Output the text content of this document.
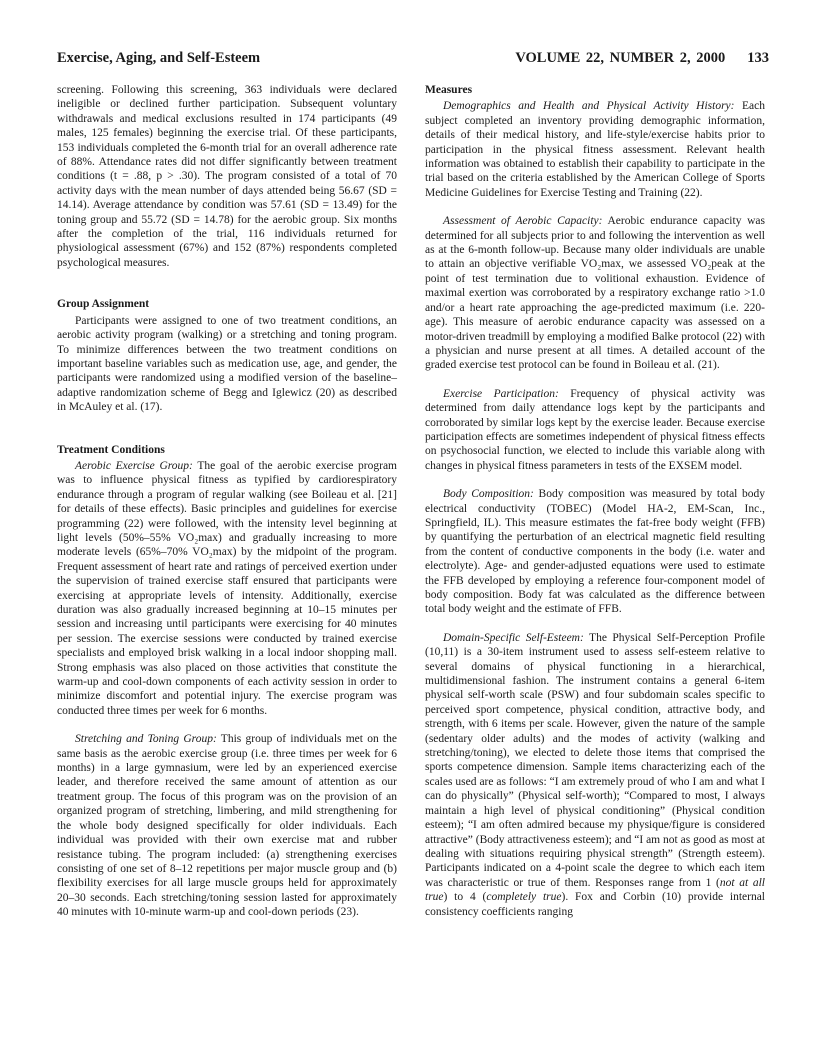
Exercise, Aging, and Self-Esteem	VOLUME 22, NUMBER 2, 2000 133

screening. Following this screening, 363 individuals were declared ineligible or declined further participation. Subsequent voluntary withdrawals and medical exclusions resulted in 174 participants (49 males, 125 females) beginning the exercise trial. Of these participants, 153 individuals completed the 6-month trial for an overall adherence rate of 88%. Attendance rates did not differ significantly between treatment conditions (t = .88, p > .30). The program consisted of a total of 70 activity days with the mean number of days attended being 56.67 (SD = 14.14). Average attendance by condition was 57.61 (SD = 13.49) for the toning group and 55.72 (SD = 14.78) for the aerobic group. Six months after the completion of the trial, 116 individuals returned for physiological assessment (67%) and 152 (87%) respondents completed psychological measures.

Group Assignment

Participants were assigned to one of two treatment conditions, an aerobic activity program (walking) or a stretching and toning program. To minimize differences between the two treatment conditions on important baseline variables such as medication use, age, and gender, the participants were randomized using a modified version of the baseline–adaptive randomization scheme of Begg and Iglewicz (20) as described in McAuley et al. (17).

Treatment Conditions

Aerobic Exercise Group: The goal of the aerobic exercise program was to influence physical fitness as typified by cardiorespiratory endurance through a program of regular walking (see Boileau et al. [21] for details of these effects). Basic principles and guidelines for exercise programming (22) were followed, with the intensity level beginning at light levels (50%–55% VO₂max) and gradually increasing to more moderate levels (65%–70% VO₂max) by the midpoint of the program. Frequent assessment of heart rate and ratings of perceived exertion under the supervision of trained exercise staff ensured that participants were exercising at appropriate levels of intensity. Additionally, exercise duration was also gradually increased beginning at 10–15 minutes per session and increasing until participants were exercising for 40 minutes per session. The exercise sessions were conducted by trained exercise specialists and employed brisk walking in a local indoor shopping mall. Strong emphasis was also placed on those activities that constitute the warm-up and cool-down components of each activity session in order to minimize discomfort and potential injury. The exercise program was conducted three times per week for 6 months.

Stretching and Toning Group: This group of individuals met on the same basis as the aerobic exercise group (i.e. three times per week for 6 months) in a large gymnasium, were led by an experienced exercise leader, and therefore received the same amount of attention as our treatment group. The focus of this program was on the provision of an organized program of stretching, limbering, and mild strengthening for the whole body designed specifically for older individuals. Each individual was provided with their own exercise mat and rubber resistance tubing. The program included: (a) strengthening exercises consisting of one set of 8–12 repetitions per major muscle group and (b) flexibility exercises for all large muscle groups held for approximately 20–30 seconds. Each stretching/toning session lasted for approximately 40 minutes with 10-minute warm-up and cool-down periods (23).

Measures

Demographics and Health and Physical Activity History: Each subject completed an inventory providing demographic information, details of their medical history, and life-style/exercise habits prior to participation in the physical fitness assessment. Relevant health information was obtained to establish their capability to participate in the trial based on the criteria established by the American College of Sports Medicine Guidelines for Exercise Testing and Training (22).

Assessment of Aerobic Capacity: Aerobic endurance capacity was determined for all subjects prior to and following the intervention as well as at the 6-month follow-up. Because many older individuals are unable to attain an objective verifiable VO₂max, we assessed VO₂peak at the point of test termination due to volitional exhaustion. Evidence of maximal exertion was corroborated by a respiratory exchange ratio >1.0 and/or a heart rate approaching the age-predicted maximum (i.e. 220-age). This measure of aerobic endurance capacity was assessed on a motor-driven treadmill by employing a modified Balke protocol (22) with a physician and nurse present at all times. A detailed account of the graded exercise test protocol can be found in Boileau et al. (21).

Exercise Participation: Frequency of physical activity was determined from daily attendance logs kept by the participants and corroborated by similar logs kept by the exercise leader. Because exercise participation effects are sometimes independent of physical fitness effects on psychosocial function, we elected to include this variable along with changes in physical fitness parameters in tests of the EXSEM model.

Body Composition: Body composition was measured by total body electrical conductivity (TOBEC) (Model HA-2, EM-Scan, Inc., Springfield, IL). This measure estimates the fat-free body weight (FFB) by quantifying the perturbation of an electrical magnetic field resulting from the content of conductive components in the body (i.e. water and electrolyte). Age- and gender-adjusted equations were used to estimate the FFB developed by employing a reference four-component model of body composition. Body fat was calculated as the difference between total body weight and the estimate of FFB.

Domain-Specific Self-Esteem: The Physical Self-Perception Profile (10,11) is a 30-item instrument used to assess self-esteem relative to several domains of physical functioning in a hierarchical, multidimensional fashion. The instrument contains a general 6-item physical self-worth scale (PSW) and four subdomain scales specific to perceived sport competence, physical condition, attractive body, and strength, with 6 items per scale. However, given the nature of the sample (sedentary older adults) and the modes of activity (walking and stretching/toning), we elected to delete those items that comprised the sports competence dimension. Sample items characterizing each of the scales used are as follows: “I am extremely proud of who I am and what I can do physically” (Physical self-worth); “Compared to most, I always maintain a high level of physical conditioning” (Physical condition esteem); “I am often admired because my physique/figure is considered attractive” (Body attractiveness esteem); and “I am not as good as most at dealing with situations requiring physical strength” (Strength esteem). Participants indicated on a 4-point scale the degree to which each item was characteristic or true of them. Responses range from 1 (not at all true) to 4 (completely true). Fox and Corbin (10) provide internal consistency coefficients ranging
